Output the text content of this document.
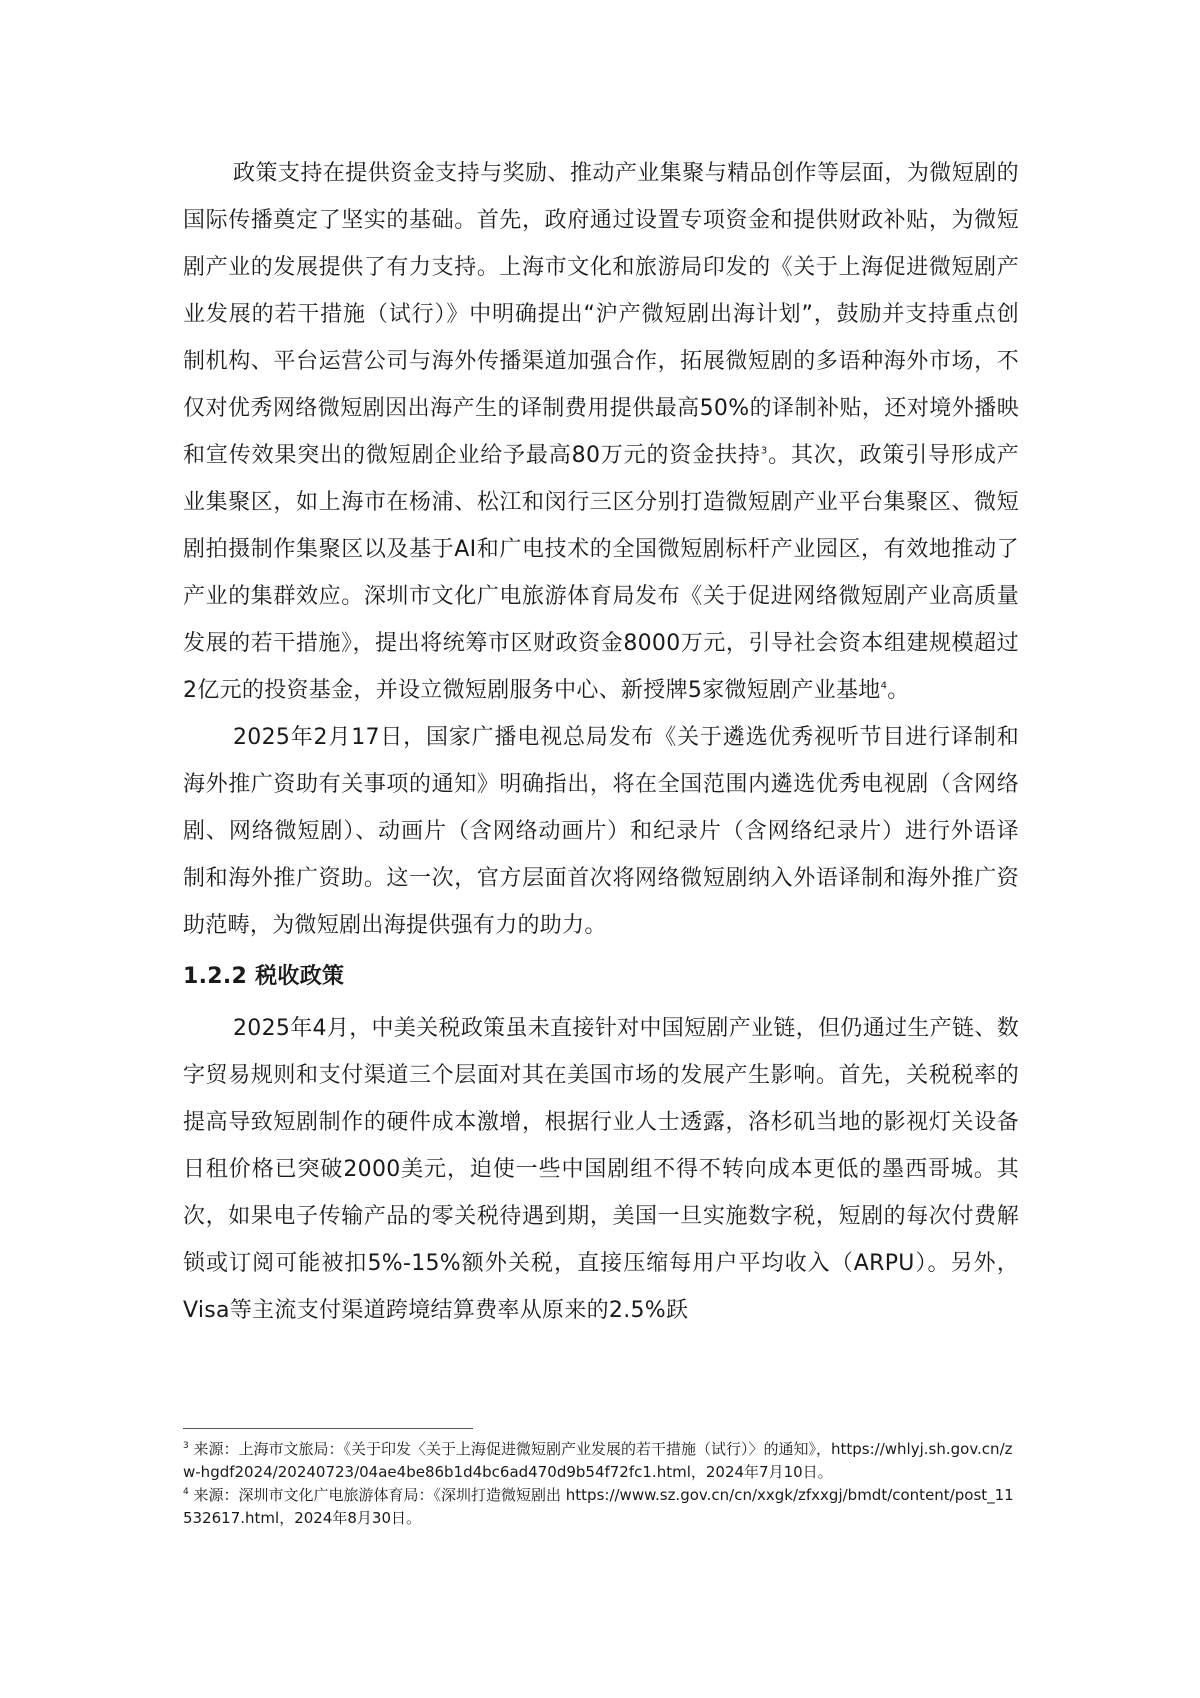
政策支持在提供资金支持与奖励、推动产业集聚与精品创作等层面，为微短剧的国际传播奠定了坚实的基础。首先，政府通过设置专项资金和提供财政补贴，为微短剧产业的发展提供了有力支持。上海市文化和旅游局印发的《关于上海促进微短剧产业发展的若干措施（试行）》中明确提出“沪产微短剧出海计划”，鼓励并支持重点创制机构、平台运营公司与海外传播渠道加强合作，拓展微短剧的多语种海外市场，不仅对优秀网络微短剧因出海产生的译制费用提供最高50%的译制补贴，还对境外播映和宣传效果突出的微短剧企业给予最高80万元的资金扶持$^3$。其次，政策引导形成产业集聚区，如上海市在杨浦、松江和闵行三区分别打造微短剧产业平台集聚区、微短剧拍摄制作集聚区以及基于AI和广电技术的全国微短剧标杆产业园区，有效地推动了产业的集群效应。深圳市文化广电旅游体育局发布《关于促进网络微短剧产业高质量发展的若干措施》，提出将统筹市区财政资金8000万元，引导社会资本组建规模超过2亿元的投资基金，并设立微短剧服务中心、新授牌5家微短剧产业基地$^4$。

2025年2月17日，国家广播电视总局发布《关于遴选优秀视听节目进行译制和海外推广资助有关事项的通知》明确指出，将在全国范围内遴选优秀电视剧（含网络剧、网络微短剧）、动画片（含网络动画片）和纪录片（含网络纪录片）进行外语译制和海外推广资助。这一次，官方层面首次将网络微短剧纳入外语译制和海外推广资助范畴，为微短剧出海提供强有力的助力。

1.2.2 税收政策

2025年4月，中美关税政策虽未直接针对中国短剧产业链，但仍通过生产链、数字贸易规则和支付渠道三个层面对其在美国市场的发展产生影响。首先，关税税率的提高导致短剧制作的硬件成本激增，根据行业人士透露，洛杉矶当地的影视灯关设备日租价格已突破2000美元，迫使一些中国剧组不得不转向成本更低的墨西哥城。其次，如果电子传输产品的零关税待遇到期，美国一旦实施数字税，短剧的每次付费解锁或订阅可能被扣5%-15%额外关税，直接压缩每用户平均收入（ARPU）。另外，Visa等主流支付渠道跨境结算费率从原来的2.5%跃

$^3$ 来源：上海市文旅局：《关于印发〈关于上海促进微短剧产业发展的若干措施（试行）〉的通知》，https://whlyj.sh.gov.cn/zw-hgdf2024/20240723/04ae4be86b1d4bc6ad470d9b54f72fc1.html，2024年7月10日。

$^4$ 来源：深圳市文化广电旅游体育局：《深圳打造微短剧出 https://www.sz.gov.cn/cn/xxgk/zfxxgj/bmdt/content/post_11532617.html，2024年8月30日。
